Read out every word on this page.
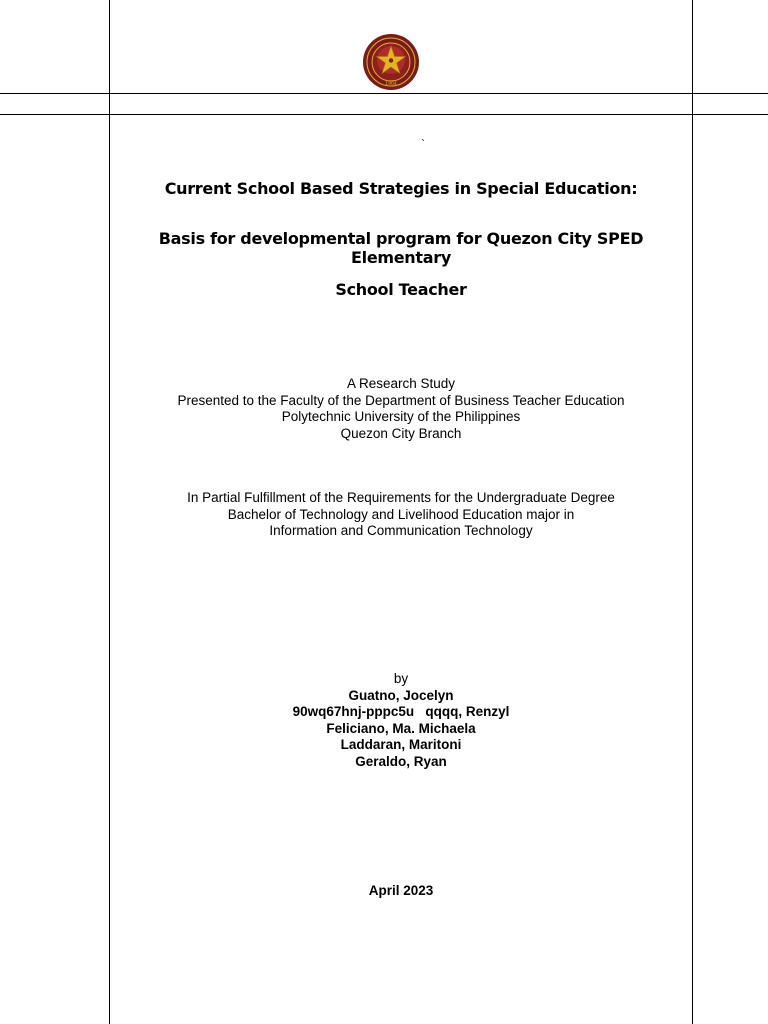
1904
`
Current School Based Strategies in Special Education:
Basis for developmental program for Quezon City SPED Elementary
School Teacher
A Research Study
Presented to the Faculty of the Department of Business Teacher Education
Polytechnic University of the Philippines
Quezon City Branch
In Partial Fulfillment of the Requirements for the Undergraduate Degree
Bachelor of Technology and Livelihood Education major in
Information and Communication Technology
by
Guatno, Jocelyn
90wq67hnj-pppc5u   qqqq, Renzyl
Feliciano, Ma. Michaela
Laddaran, Maritoni
Geraldo, Ryan
April 2023
